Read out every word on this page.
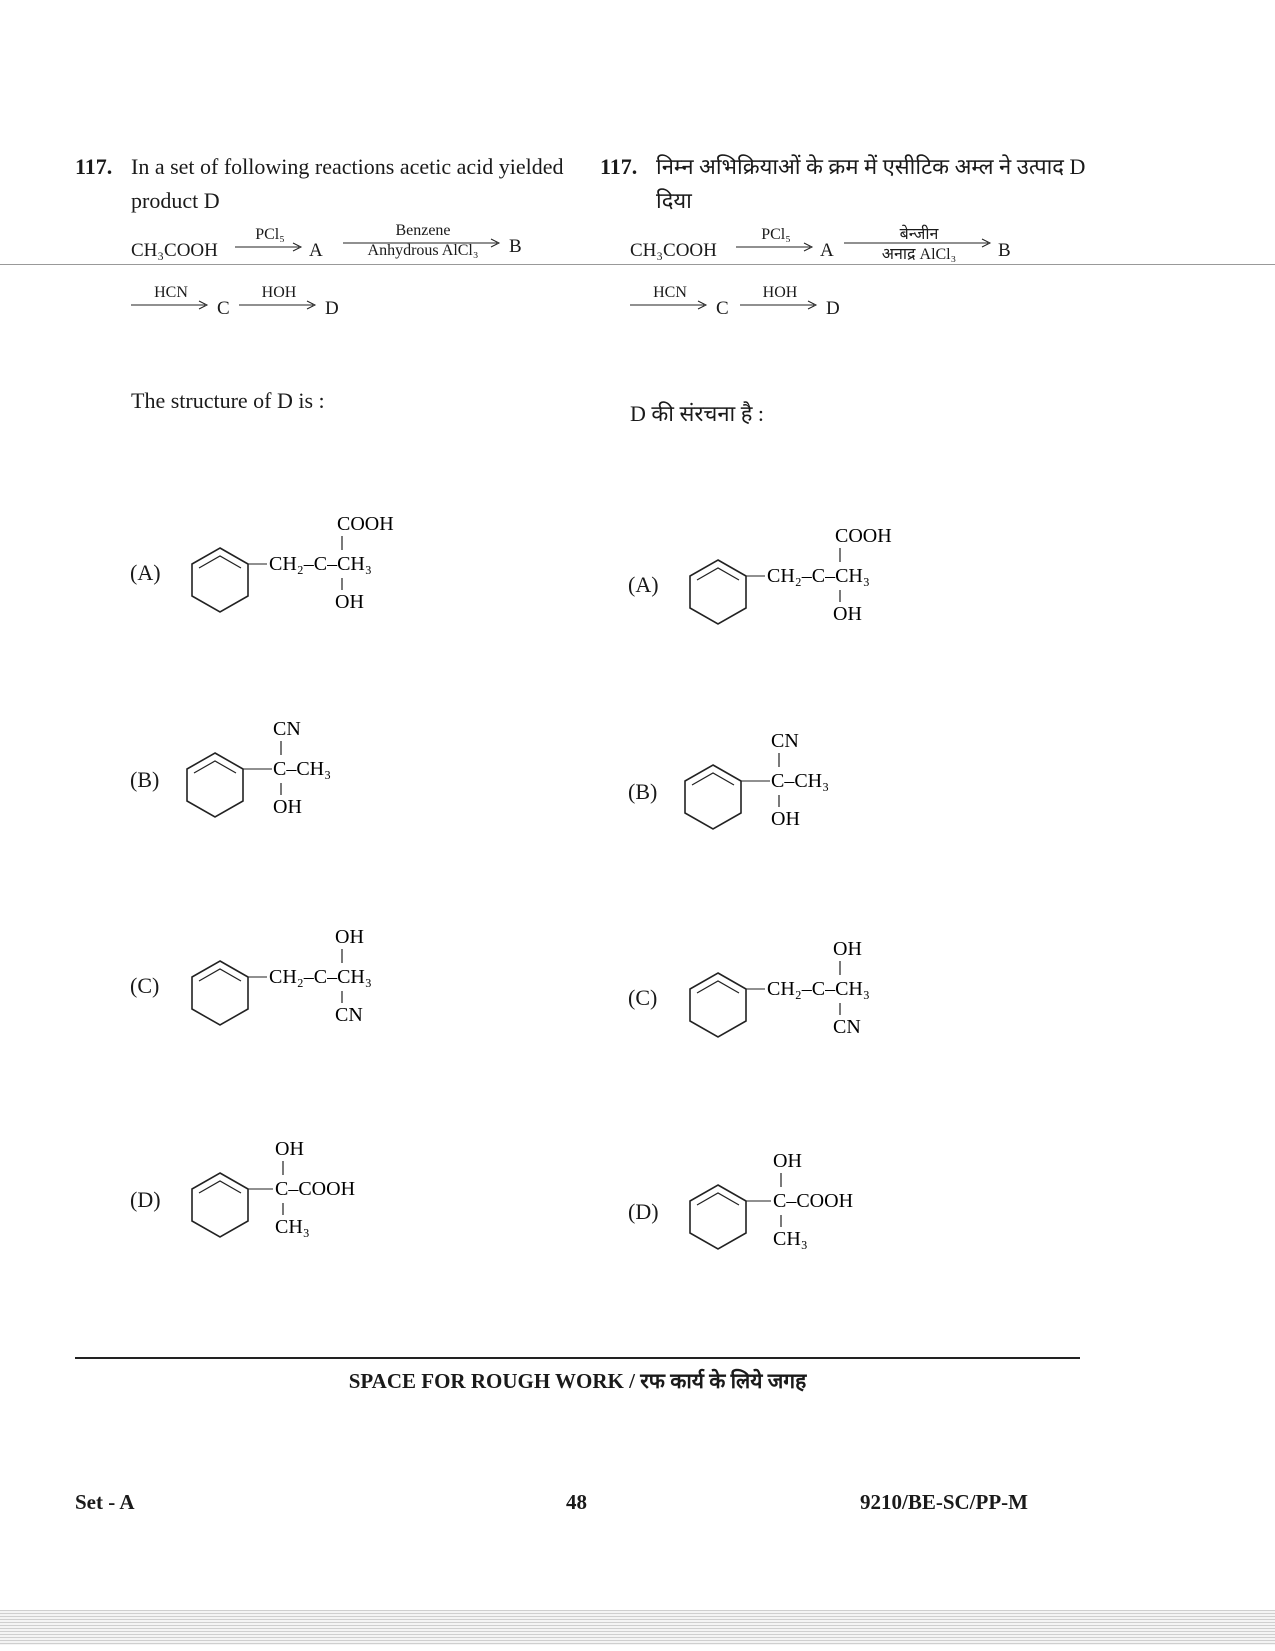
117. In a set of following reactions acetic acid yielded product D
CH₃COOH
PCl₅
A
Benzene
Anhydrous AlCl₃	B
HCN
C
HOH
D
117. निम्न अभिक्रियाओं के क्रम में एसीटिक अम्ल ने उत्पाद D दिया
CH₃COOH
PCl₅
A
बेन्जीन
अनाद्र AlCl₃	B
HCN
C
HOH
D
The structure of D is :
D की संरचना है :
(A)
COOH
CH₂–C–CH₃
OH
(B)
CN
C–CH₃
OH
(C)
OH
CH₂–C–CH₃
CN
(D)
OH
C–COOH
CH₃
(A)
COOH
CH₂–C–CH₃
OH
(B)
CN
C–CH₃
OH
(C)
OH
CH₂–C–CH₃
CN
(D)
OH
C–COOH
CH₃
SPACE FOR ROUGH WORK / रफ कार्य के लिये जगह
Set - A	48	9210/BE-SC/PP-M
